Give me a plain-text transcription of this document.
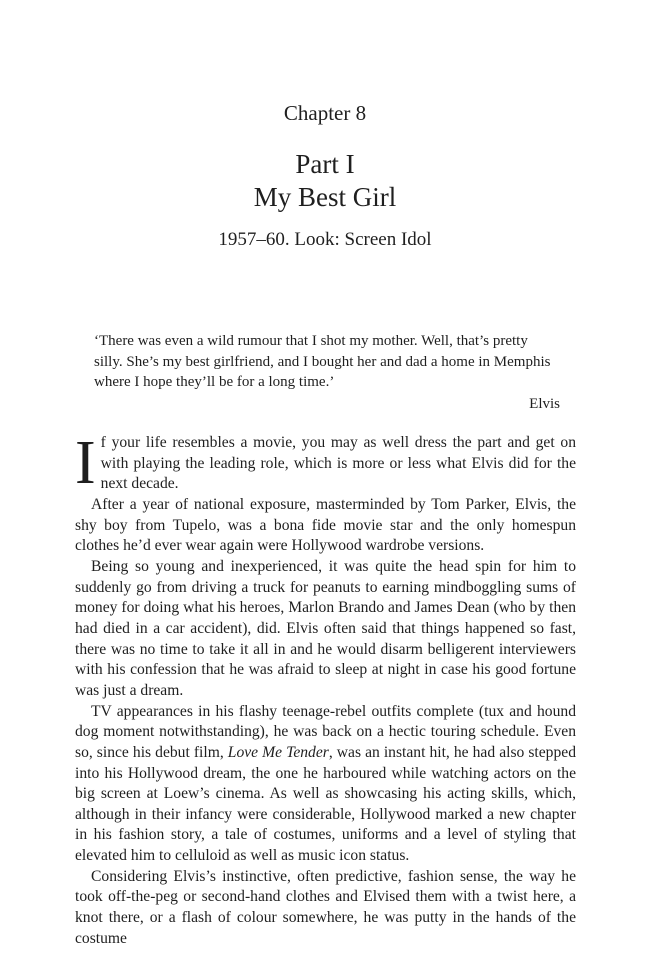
Chapter 8
Part I
My Best Girl
1957–60. Look: Screen Idol

‘There was even a wild rumour that I shot my mother. Well, that’s pretty silly. She’s my best girlfriend, and I bought her and dad a home in Memphis where I hope they’ll be for a long time.’

Elvis

If your life resembles a movie, you may as well dress the part and get on with playing the leading role, which is more or less what Elvis did for the next decade.

After a year of national exposure, masterminded by Tom Parker, Elvis, the shy boy from Tupelo, was a bona fide movie star and the only homespun clothes he’d ever wear again were Hollywood wardrobe versions.

Being so young and inexperienced, it was quite the head spin for him to suddenly go from driving a truck for peanuts to earning mindboggling sums of money for doing what his heroes, Marlon Brando and James Dean (who by then had died in a car accident), did. Elvis often said that things happened so fast, there was no time to take it all in and he would disarm belligerent interviewers with his confession that he was afraid to sleep at night in case his good fortune was just a dream.

TV appearances in his flashy teenage-rebel outfits complete (tux and hound dog moment notwithstanding), he was back on a hectic touring schedule. Even so, since his debut film, Love Me Tender, was an instant hit, he had also stepped into his Hollywood dream, the one he harboured while watching actors on the big screen at Loew’s cinema. As well as showcasing his acting skills, which, although in their infancy were considerable, Hollywood marked a new chapter in his fashion story, a tale of costumes, uniforms and a level of styling that elevated him to celluloid as well as music icon status.

Considering Elvis’s instinctive, often predictive, fashion sense, the way he took off-the-peg or second-hand clothes and Elvised them with a twist here, a knot there, or a flash of colour somewhere, he was putty in the hands of the costume
